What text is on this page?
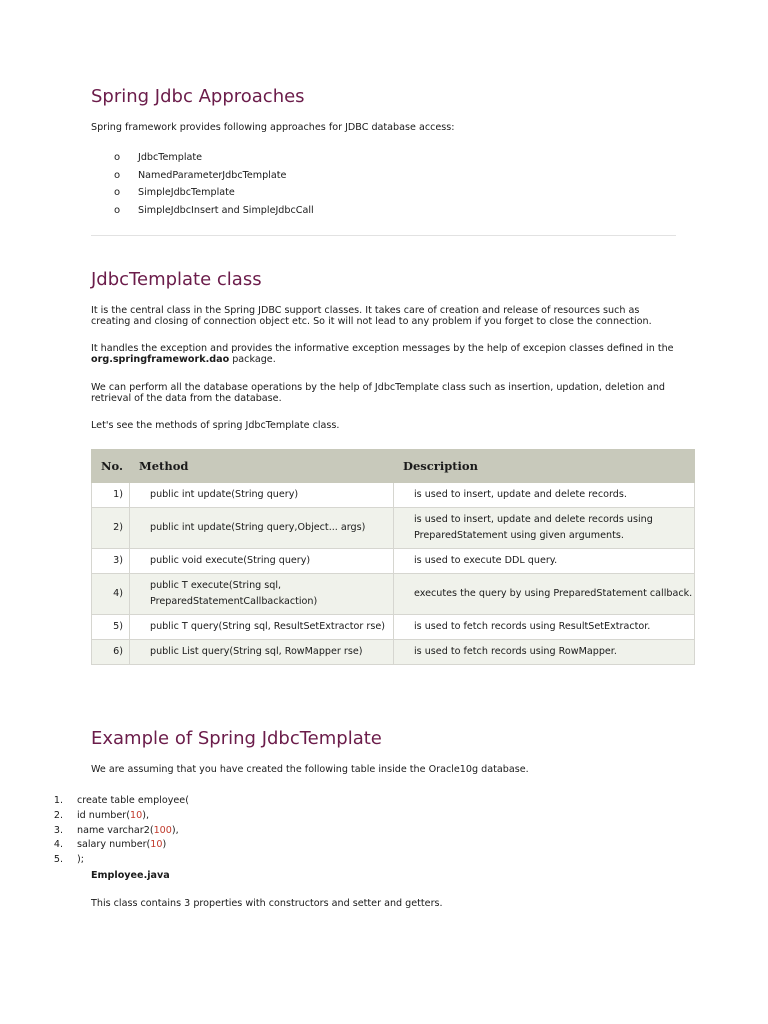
Spring Jdbc Approaches

Spring framework provides following approaches for JDBC database access:

o	JdbcTemplate
o	NamedParameterJdbcTemplate
o	SimpleJdbcTemplate
o	SimpleJdbcInsert and SimpleJdbcCall
JdbcTemplate class

It is the central class in the Spring JDBC support classes. It takes care of creation and release of resources such as creating and closing of connection object etc. So it will not lead to any problem if you forget to close the connection.

It handles the exception and provides the informative exception messages by the help of excepion classes defined in the org.springframework.dao package.

We can perform all the database operations by the help of JdbcTemplate class such as insertion, updation, deletion and retrieval of the data from the database.

Let's see the methods of spring JdbcTemplate class.

No.	Method	Description
1)	public int update(String query)	is used to insert, update and delete records.
2)	public int update(String query,Object... args)	is used to insert, update and delete records using PreparedStatement using given arguments.
3)	public void execute(String query)	is used to execute DDL query.
4)	public T execute(String sql, PreparedStatementCallbackaction)	executes the query by using PreparedStatement callback.
5)	public T query(String sql, ResultSetExtractor rse)	is used to fetch records using ResultSetExtractor.
6)	public List query(String sql, RowMapper rse)	is used to fetch records using RowMapper.
Example of Spring JdbcTemplate

We are assuming that you have created the following table inside the Oracle10g database.

1.	create table employee(
2.	id number( 10 ),
3.	name varchar2( 100 ),
4.	salary number( 10 )
5.	);
Employee.java

This class contains 3 properties with constructors and setter and getters.
